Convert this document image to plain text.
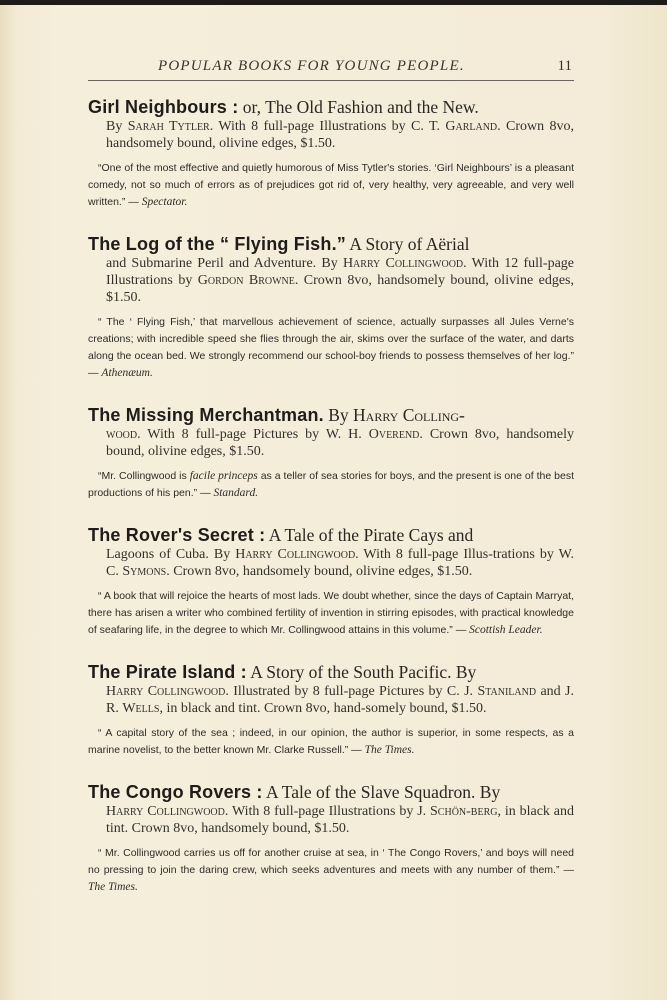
POPULAR BOOKS FOR YOUNG PEOPLE.	11
Girl Neighbours : or, The Old Fashion and the New.
By Sarah Tytler. With 8 full-page Illustrations by C. T. Garland. Crown 8vo, handsomely bound, olivine edges, $1.50.
“One of the most effective and quietly humorous of Miss Tytler's stories. ‘Girl Neighbours’ is a pleasant comedy, not so much of errors as of prejudices got rid of, very healthy, very agreeable, and very well written.” — Spectator.
The Log of the “ Flying Fish.” A Story of Aërial
and Submarine Peril and Adventure. By Harry Collingwood. With 12 full-page Illustrations by Gordon Browne. Crown 8vo, handsomely bound, olivine edges, $1.50.
“ The ‘ Flying Fish,’ that marvellous achievement of science, actually surpasses all Jules Verne's creations; with incredible speed she flies through the air, skims over the surface of the water, and darts along the ocean bed. We strongly recommend our school-boy friends to possess themselves of her log.” — Athenæum.
The Missing Merchantman. By Harry Colling-
wood. With 8 full-page Pictures by W. H. Overend. Crown 8vo, handsomely bound, olivine edges, $1.50.
“Mr. Collingwood is facile princeps as a teller of sea stories for boys, and the present is one of the best productions of his pen.” — Standard.
The Rover's Secret : A Tale of the Pirate Cays and
Lagoons of Cuba. By Harry Collingwood. With 8 full-page Illus-trations by W. C. Symons. Crown 8vo, handsomely bound, olivine edges, $1.50.
“ A book that will rejoice the hearts of most lads. We doubt whether, since the days of Captain Marryat, there has arisen a writer who combined fertility of invention in stirring episodes, with practical knowledge of seafaring life, in the degree to which Mr. Collingwood attains in this volume.” — Scottish Leader.
The Pirate Island : A Story of the South Pacific. By
Harry Collingwood. Illustrated by 8 full-page Pictures by C. J. Staniland and J. R. Wells, in black and tint. Crown 8vo, hand-somely bound, $1.50.
“ A capital story of the sea ; indeed, in our opinion, the author is superior, in some respects, as a marine novelist, to the better known Mr. Clarke Russell.” — The Times.
The Congo Rovers : A Tale of the Slave Squadron. By
Harry Collingwood. With 8 full-page Illustrations by J. Schön-berg, in black and tint. Crown 8vo, handsomely bound, $1.50.
“ Mr. Collingwood carries us off for another cruise at sea, in ‘ The Congo Rovers,’ and boys will need no pressing to join the daring crew, which seeks adventures and meets with any number of them.” — The Times.
